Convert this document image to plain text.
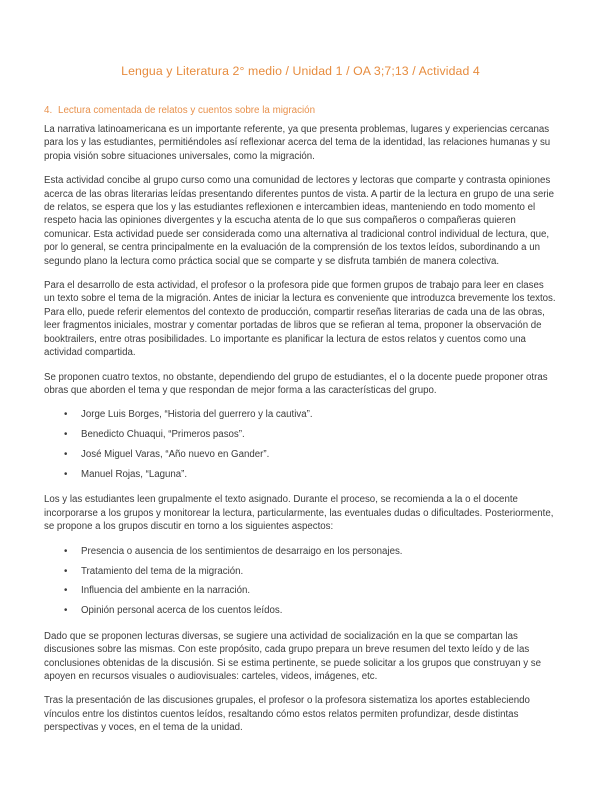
Lengua y Literatura 2° medio / Unidad 1 / OA 3;7;13 / Actividad 4
4. Lectura comentada de relatos y cuentos sobre la migración

La narrativa latinoamericana es un importante referente, ya que presenta problemas, lugares y experiencias cercanas para los y las estudiantes, permitiéndoles así reflexionar acerca del tema de la identidad, las relaciones humanas y su propia visión sobre situaciones universales, como la migración.

Esta actividad concibe al grupo curso como una comunidad de lectores y lectoras que comparte y contrasta opiniones acerca de las obras literarias leídas presentando diferentes puntos de vista. A partir de la lectura en grupo de una serie de relatos, se espera que los y las estudiantes reflexionen e intercambien ideas, manteniendo en todo momento el respeto hacia las opiniones divergentes y la escucha atenta de lo que sus compañeros o compañeras quieren comunicar. Esta actividad puede ser considerada como una alternativa al tradicional control individual de lectura, que, por lo general, se centra principalmente en la evaluación de la comprensión de los textos leídos, subordinando a un segundo plano la lectura como práctica social que se comparte y se disfruta también de manera colectiva.

Para el desarrollo de esta actividad, el profesor o la profesora pide que formen grupos de trabajo para leer en clases un texto sobre el tema de la migración. Antes de iniciar la lectura es conveniente que introduzca brevemente los textos. Para ello, puede referir elementos del contexto de producción, compartir reseñas literarias de cada una de las obras, leer fragmentos iniciales, mostrar y comentar portadas de libros que se refieran al tema, proponer la observación de booktrailers, entre otras posibilidades. Lo importante es planificar la lectura de estos relatos y cuentos como una actividad compartida.

Se proponen cuatro textos, no obstante, dependiendo del grupo de estudiantes, el o la docente puede proponer otras obras que aborden el tema y que respondan de mejor forma a las características del grupo.

• Jorge Luis Borges, “Historia del guerrero y la cautiva”.
• Benedicto Chuaqui, “Primeros pasos”.
• José Miguel Varas, “Año nuevo en Gander”.
• Manuel Rojas, “Laguna”.

Los y las estudiantes leen grupalmente el texto asignado. Durante el proceso, se recomienda a la o el docente incorporarse a los grupos y monitorear la lectura, particularmente, las eventuales dudas o dificultades. Posteriormente, se propone a los grupos discutir en torno a los siguientes aspectos:

• Presencia o ausencia de los sentimientos de desarraigo en los personajes.
• Tratamiento del tema de la migración.
• Influencia del ambiente en la narración.
• Opinión personal acerca de los cuentos leídos.

Dado que se proponen lecturas diversas, se sugiere una actividad de socialización en la que se compartan las discusiones sobre las mismas. Con este propósito, cada grupo prepara un breve resumen del texto leído y de las conclusiones obtenidas de la discusión. Si se estima pertinente, se puede solicitar a los grupos que construyan y se apoyen en recursos visuales o audiovisuales: carteles, videos, imágenes, etc.

Tras la presentación de las discusiones grupales, el profesor o la profesora sistematiza los aportes estableciendo vínculos entre los distintos cuentos leídos, resaltando cómo estos relatos permiten profundizar, desde distintas perspectivas y voces, en el tema de la unidad.
